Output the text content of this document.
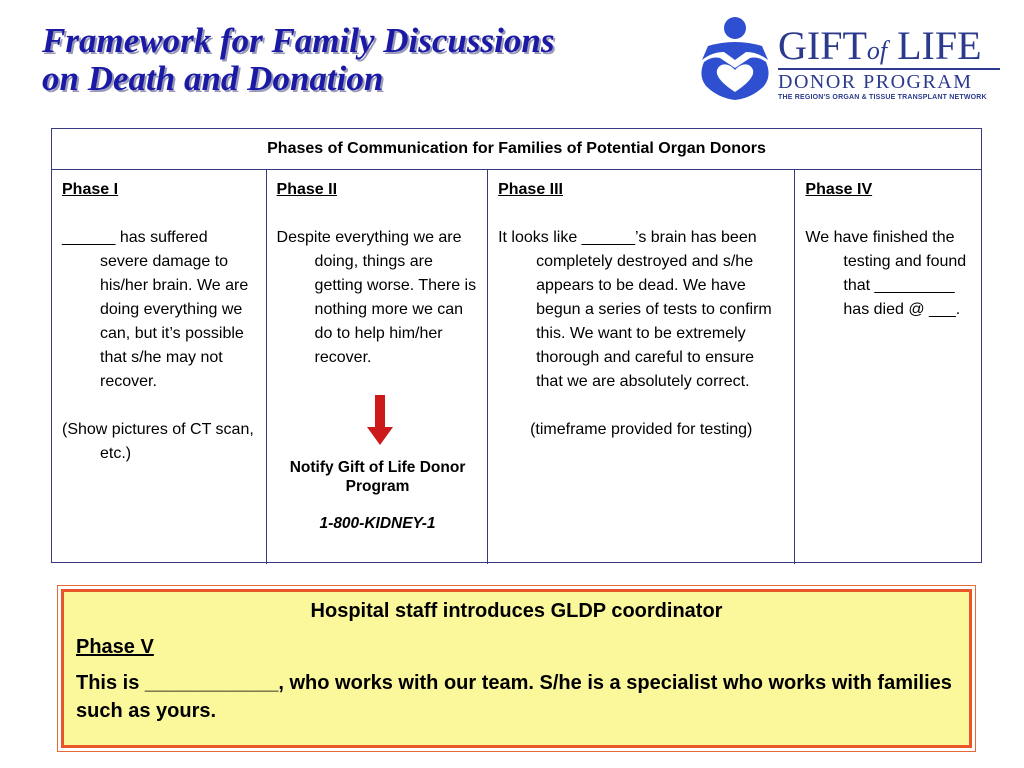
Framework for Family Discussions
on Death and Donation
GIFTof LIFE
DONOR PROGRAM
THE REGION'S ORGAN & TISSUE TRANSPLANT NETWORK
Phases of Communication for Families of Potential Organ Donors
Phase I
______ has suffered severe damage to his/her brain. We are doing everything we can, but it’s possible that s/he may not recover.
(Show pictures of CT scan, etc.)
Phase II
Despite everything we are doing, things are getting worse. There is nothing more we can do to help him/her recover.
Notify Gift of Life Donor Program
1-800-KIDNEY-1
Phase III
It looks like ______’s brain has been completely destroyed and s/he appears to be dead. We have begun a series of tests to confirm this. We want to be extremely thorough and careful to ensure that we are absolutely correct.
(timeframe provided for testing)
Phase IV
We have finished the testing and found that _________ has died @ ___.
Hospital staff introduces GLDP coordinator
Phase V
This is ____________, who works with our team. S/he is a specialist who works with families such as yours.
